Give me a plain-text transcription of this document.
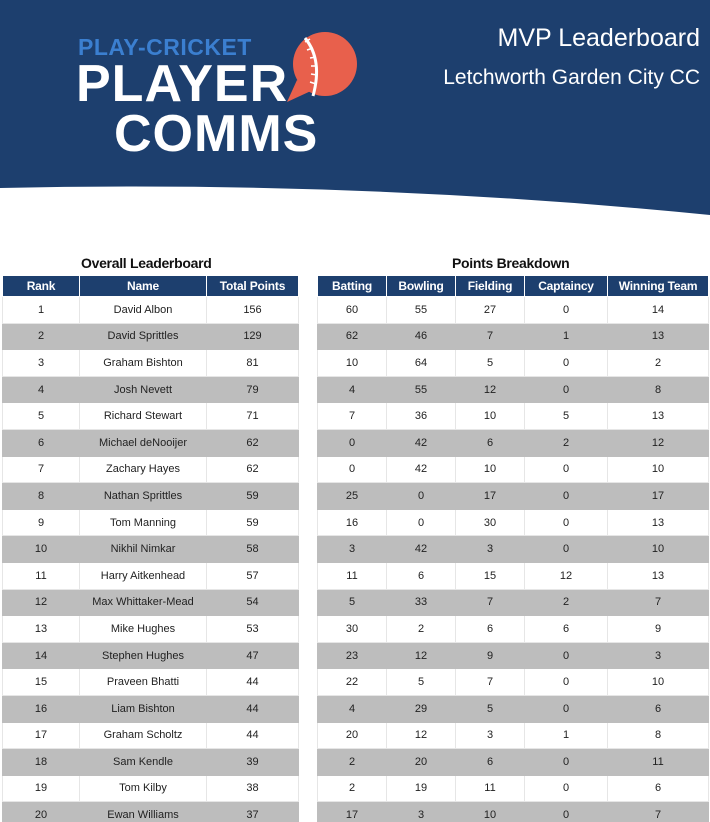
PLAY-CRICKET
PLAYER
COMMS
MVP Leaderboard
Letchworth Garden City CC
Overall Leaderboard	Points Breakdown
Rank	Name	Total Points
1	David Albon	156
2	David Sprittles	129
3	Graham Bishton	81
4	Josh Nevett	79
5	Richard Stewart	71
6	Michael deNooijer	62
7	Zachary Hayes	62
8	Nathan Sprittles	59
9	Tom Manning	59
10	Nikhil Nimkar	58
11	Harry Aitkenhead	57
12	Max Whittaker-Mead	54
13	Mike Hughes	53
14	Stephen Hughes	47
15	Praveen Bhatti	44
16	Liam Bishton	44
17	Graham Scholtz	44
18	Sam Kendle	39
19	Tom Kilby	38
20	Ewan Williams	37
Batting	Bowling	Fielding	Captaincy	Winning Team
60	55	27	0	14
62	46	7	1	13
10	64	5	0	2
4	55	12	0	8
7	36	10	5	13
0	42	6	2	12
0	42	10	0	10
25	0	17	0	17
16	0	30	0	13
3	42	3	0	10
11	6	15	12	13
5	33	7	2	7
30	2	6	6	9
23	12	9	0	3
22	5	7	0	10
4	29	5	0	6
20	12	3	1	8
2	20	6	0	11
2	19	11	0	6
17	3	10	0	7
